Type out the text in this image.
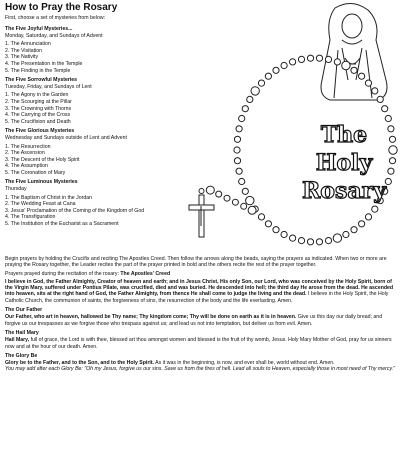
How to Pray the Rosary
First, choose a set of mysteries from below:
The Five Joyful Mysteries...
Monday, Saturday, and Sundays of Advent
1. The Annunciation
2. The Visitation
3. The Nativity
4. The Presentation in the Temple
5. The Finding in the Temple
The Five Sorrowful Mysteries
Tuesday, Friday, and Sundays of Lent
1. The Agony in the Garden
2. The Scourging at the Pillar
3. The Crowning with Thorns
4. The Carrying of the Cross
5. The Crucifixion and Death
The Five Glorious Mysteries
Wednesday and Sundays outside of Lent and Advent
1. The Resurrection
2. The Ascension
3. The Descent of the Holy Spirit
4. The Assumption
5. The Coronation of Mary
The Five Luminous Mysteries
Thursday
1. The Baptism of Christ in the Jordan
2. The Wedding Feast at Cana
3. Jesus' Proclamation of the Coming of the Kingdom of God
4. The Transfiguration
5. The Institution of the Eucharist as a Sacrament
The
Holy
Rosary

Begin prayers by holding the Crucifix and reciting The Apostles Creed. Then follow the arrows along the beads, saying the prayers as indicated. When two or more are praying the Rosary together, the Leader recites the part of the prayer printed in bold and the others recite the rest of the prayer together.

Prayers prayed during the recitation of the rosary: The Apostles' Creed

I believe in God, the Father Almighty, Creator of heaven and earth; and in Jesus Christ, His only Son, our Lord, who was conceived by the Holy Spirit, born of the Virgin Mary, suffered under Pontius Pilate, was crucified, died and was buried. He descended into hell; the third day He arose from the dead. He ascended into heaven, sits at the right hand of God, the Father Almighty, from thence He shall come to judge the living and the dead. I believe in the Holy Spirit, the Holy Catholic Church, the communion of saints, the forgiveness of sins, the resurrection of the body and the life everlasting. Amen.

The Our Father

Our Father, who art in heaven, hallowed be Thy name; Thy kingdom come; Thy will be done on earth as it is in heaven. Give us this day our daily bread; and forgive us our trespasses as we forgive those who trespass against us; and lead us not into temptation, but deliver us from evil. Amen.

The Hail Mary

Hail Mary, full of grace, the Lord is with thee, blessed art thou amongst women and blessed is the fruit of thy womb, Jesus. Holy Mary Mother of God, pray for us sinners now and at the hour of our death. Amen.

The Glory Be

Glory be to the Father, and to the Son, and to the Holy Spirit. As it was in the beginning, is now, and ever shall be, world without end. Amen.
You may add after each Glory Be: "Oh my Jesus, forgive us our sins. Save us from the fires of hell. Lead all souls to Heaven, especially those in most need of Thy mercy."
